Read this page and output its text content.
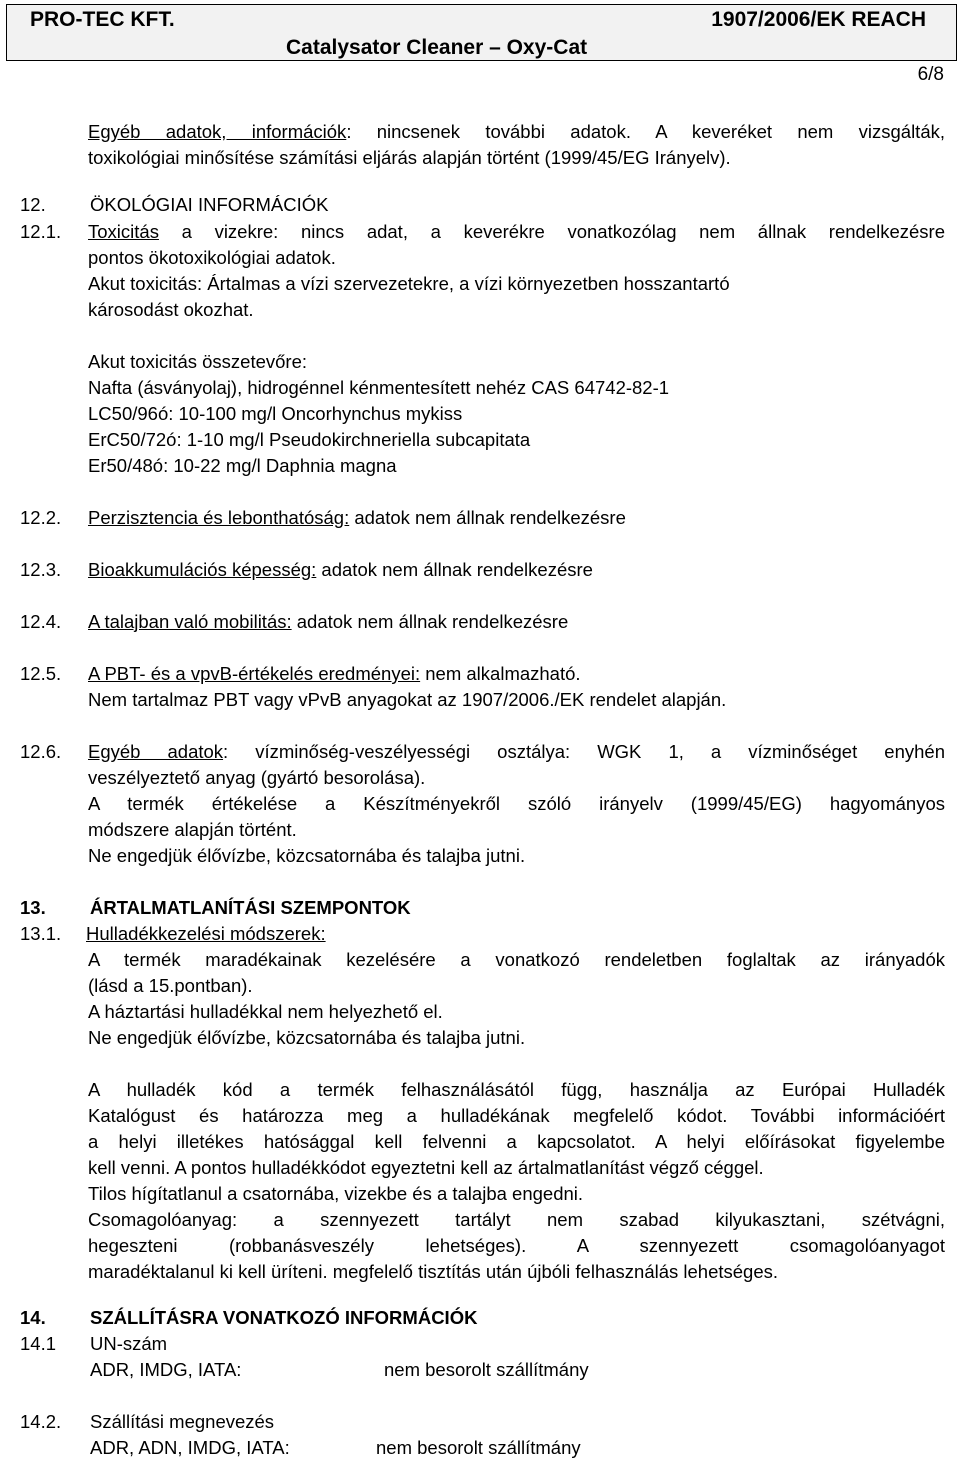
PRO-TEC KFT.	1907/2006/EK REACH
Catalysator Cleaner – Oxy-Cat
6/8
Egyéb adatok, információk: nincsenek további adatok. A keveréket nem vizsgálták,
toxikológiai minősítése számítási eljárás alapján történt (1999/45/EG Irányelv).
12. ÖKOLÓGIAI INFORMÁCIÓK
12.1. Toxicitás a vizekre: nincs adat, a keverékre vonatkozólag nem állnak rendelkezésre
pontos ökotoxikológiai adatok.
Akut toxicitás: Ártalmas a vízi szervezetekre, a vízi környezetben hosszantartó
károsodást okozhat.
Akut toxicitás összetevőre:
Nafta (ásványolaj), hidrogénnel kénmentesített nehéz CAS 64742-82-1
LC50/96ó: 10-100 mg/l Oncorhynchus mykiss
ErC50/72ó: 1-10 mg/l Pseudokirchneriella subcapitata
Er50/48ó: 10-22 mg/l Daphnia magna
12.2. Perzisztencia és lebonthatóság: adatok nem állnak rendelkezésre
12.3. Bioakkumulációs képesség: adatok nem állnak rendelkezésre
12.4. A talajban való mobilitás: adatok nem állnak rendelkezésre
12.5. A PBT- és a vpvB-értékelés eredményei: nem alkalmazható.
Nem tartalmaz PBT vagy vPvB anyagokat az 1907/2006./EK rendelet alapján.
12.6. Egyéb adatok: vízminőség-veszélyességi osztálya: WGK 1, a vízminőséget enyhén
veszélyeztető anyag (gyártó besorolása).
A termék értékelése a Készítményekről szóló irányelv (1999/45/EG) hagyományos
módszere alapján történt.
Ne engedjük élővízbe, közcsatornába és talajba jutni.
13. ÁRTALMATLANÍTÁSI SZEMPONTOK
13.1. Hulladékkezelési módszerek:
A termék maradékainak kezelésére a vonatkozó rendeletben foglaltak az irányadók
(lásd a 15.pontban).
A háztartási hulladékkal nem helyezhető el.
Ne engedjük élővízbe, közcsatornába és talajba jutni.
A hulladék kód a termék felhasználásától függ, használja az Európai Hulladék
Katalógust és határozza meg a hulladékának megfelelő kódot. További információért
a helyi illetékes hatósággal kell felvenni a kapcsolatot. A helyi előírásokat figyelembe
kell venni. A pontos hulladékkódot egyeztetni kell az ártalmatlanítást végző céggel.
Tilos hígítatlanul a csatornába, vizekbe és a talajba engedni.
Csomagolóanyag: a szennyezett tartályt nem szabad kilyukasztani, szétvágni,
hegeszteni (robbanásveszély lehetséges). A szennyezett csomagolóanyagot
maradéktalanul ki kell üríteni. megfelelő tisztítás után újbóli felhasználás lehetséges.
14. SZÁLLÍTÁSRA VONATKOZÓ INFORMÁCIÓK
14.1 UN-szám
ADR, IMDG, IATA:	nem besorolt szállítmány
14.2. Szállítási megnevezés
ADR, ADN, IMDG, IATA:	nem besorolt szállítmány
